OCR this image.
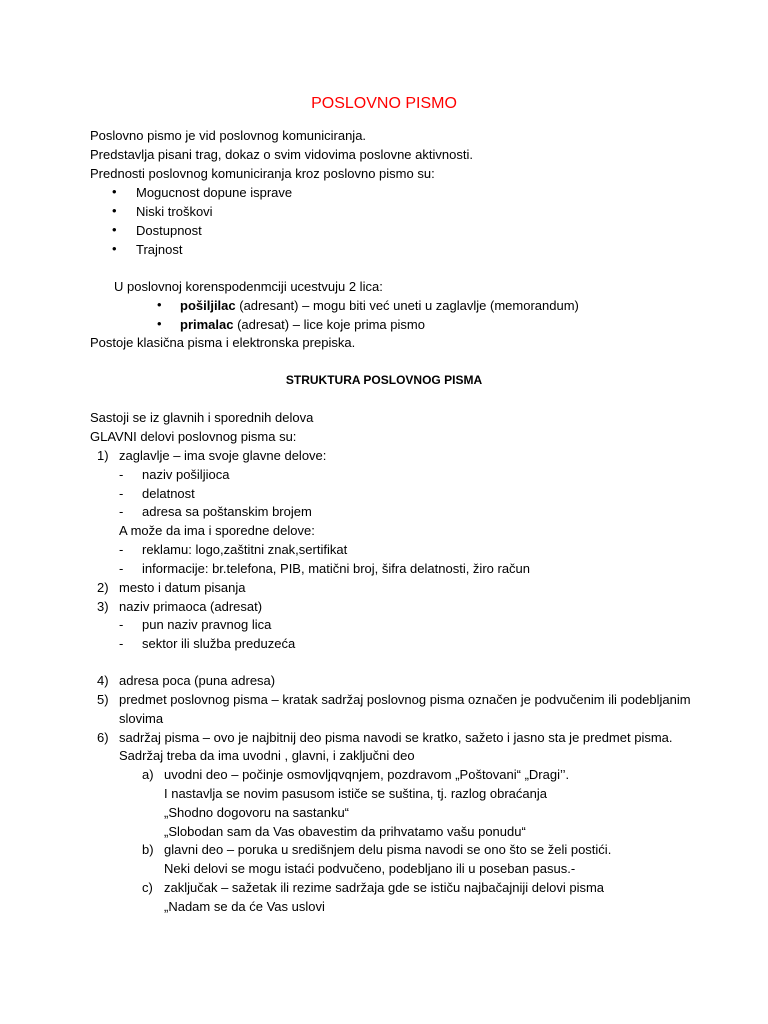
POSLOVNO PISMO
Poslovno pismo je vid poslovnog komuniciranja.
Predstavlja pisani trag, dokaz o svim vidovima poslovne aktivnosti.
Prednosti poslovnog komuniciranja kroz poslovno pismo su:
• Mogucnost dopune isprave
• Niski troškovi
• Dostupnost
• Trajnost
U poslovnoj korenspodenmciji ucestvuju 2 lica:
• pošiljilac (adresant) – mogu biti već uneti u zaglavlje (memorandum)
• primalac (adresat) – lice koje prima pismo
Postoje klasična pisma i elektronska prepiska.
STRUKTURA POSLOVNOG PISMA
Sastoji se iz glavnih i sporednih delova
GLAVNI delovi poslovnog pisma su:
1) zaglavlje – ima svoje glavne delove:
- naziv pošiljioca
- delatnost
- adresa sa poštanskim brojem
A može da ima i sporedne delove:
- reklamu: logo,zaštitni znak,sertifikat
- informacije: br.telefona, PIB, matični broj, šifra delatnosti, žiro račun
2) mesto i datum pisanja
3) naziv primaoca (adresat)
- pun naziv pravnog lica
- sektor ili služba preduzeća
4) adresa poca (puna adresa)
5) predmet poslovnog pisma – kratak sadržaj poslovnog pisma označen je podvučenim ili podebljanim
slovima
6) sadržaj pisma – ovo je najbitnij deo pisma navodi se kratko, sažeto i jasno sta je predmet pisma.
Sadržaj treba da ima uvodni , glavni, i zaključni deo
a) uvodni deo – počinje osmovljqvqnjem, pozdravom „Poštovani“ „Dragi’’.
I nastavlja se novim pasusom ističe se suština, tj. razlog obraćanja
„Shodno dogovoru na sastanku“
„Slobodan sam da Vas obavestim da prihvatamo vašu ponudu“
b) glavni deo – poruka u središnjem delu pisma navodi se ono što se želi postići.
Neki delovi se mogu istaći podvučeno, podebljano ili u poseban pasus.-
c) zaključak – sažetak ili rezime sadržaja gde se ističu najbačajniji delovi pisma
„Nadam se da će Vas uslovi
